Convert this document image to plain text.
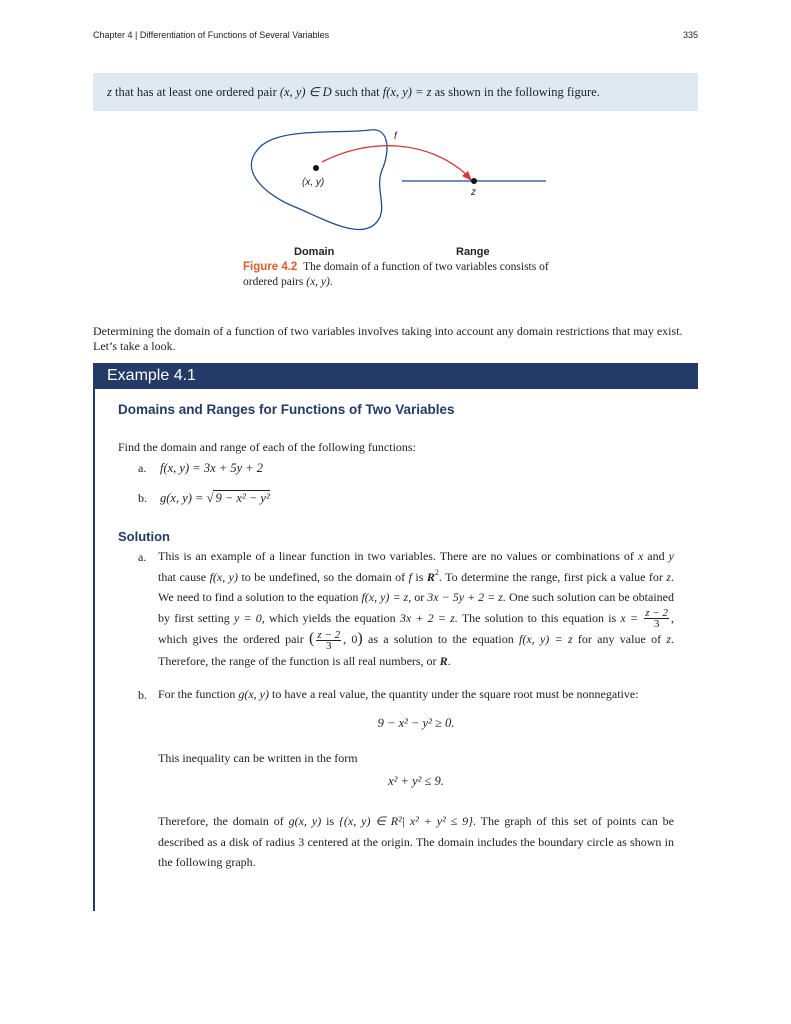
Chapter 4 | Differentiation of Functions of Several Variables	335

z that has at least one ordered pair (x, y) ∈ D such that f(x, y) = z as shown in the following figure.

f
(x, y)
z
Domain	Range
Figure 4.2 The domain of a function of two variables consists of ordered pairs (x, y).
Determining the domain of a function of two variables involves taking into account any domain restrictions that may exist. Let’s take a look.
Example 4.1
Domains and Ranges for Functions of Two Variables
Find the domain and range of each of the following functions:
a. f(x, y) = 3x + 5y + 2
b. g(x, y) = √ 9 − x² − y²
Solution
a. This is an example of a linear function in two variables. There are no values or combinations of x and y that cause f(x, y) to be undefined, so the domain of f is $R^2$. To determine the range, first pick a value for z. We need to find a solution to the equation f(x, y) = z, or 3x − 5y + 2 = z. One such solution can be obtained by first setting y = 0, which yields the equation 3x + 2 = z. The solution to this equation is $x = \frac{z - 2}{3}$ , which gives the ordered pair ( $\frac{z - 2}{3}$ , 0) as a solution to the equation f(x, y) = z for any value of z. Therefore, the range of the function is all real numbers, or R.
b. For the function g(x, y) to have a real value, the quantity under the square root must be nonnegative:
9 − x² − y² ≥ 0.
This inequality can be written in the form
x² + y² ≤ 9.
Therefore, the domain of g(x, y) is {(x, y) ∈ R²| x² + y² ≤ 9}. The graph of this set of points can be described as a disk of radius 3 centered at the origin. The domain includes the boundary circle as shown in the following graph.
